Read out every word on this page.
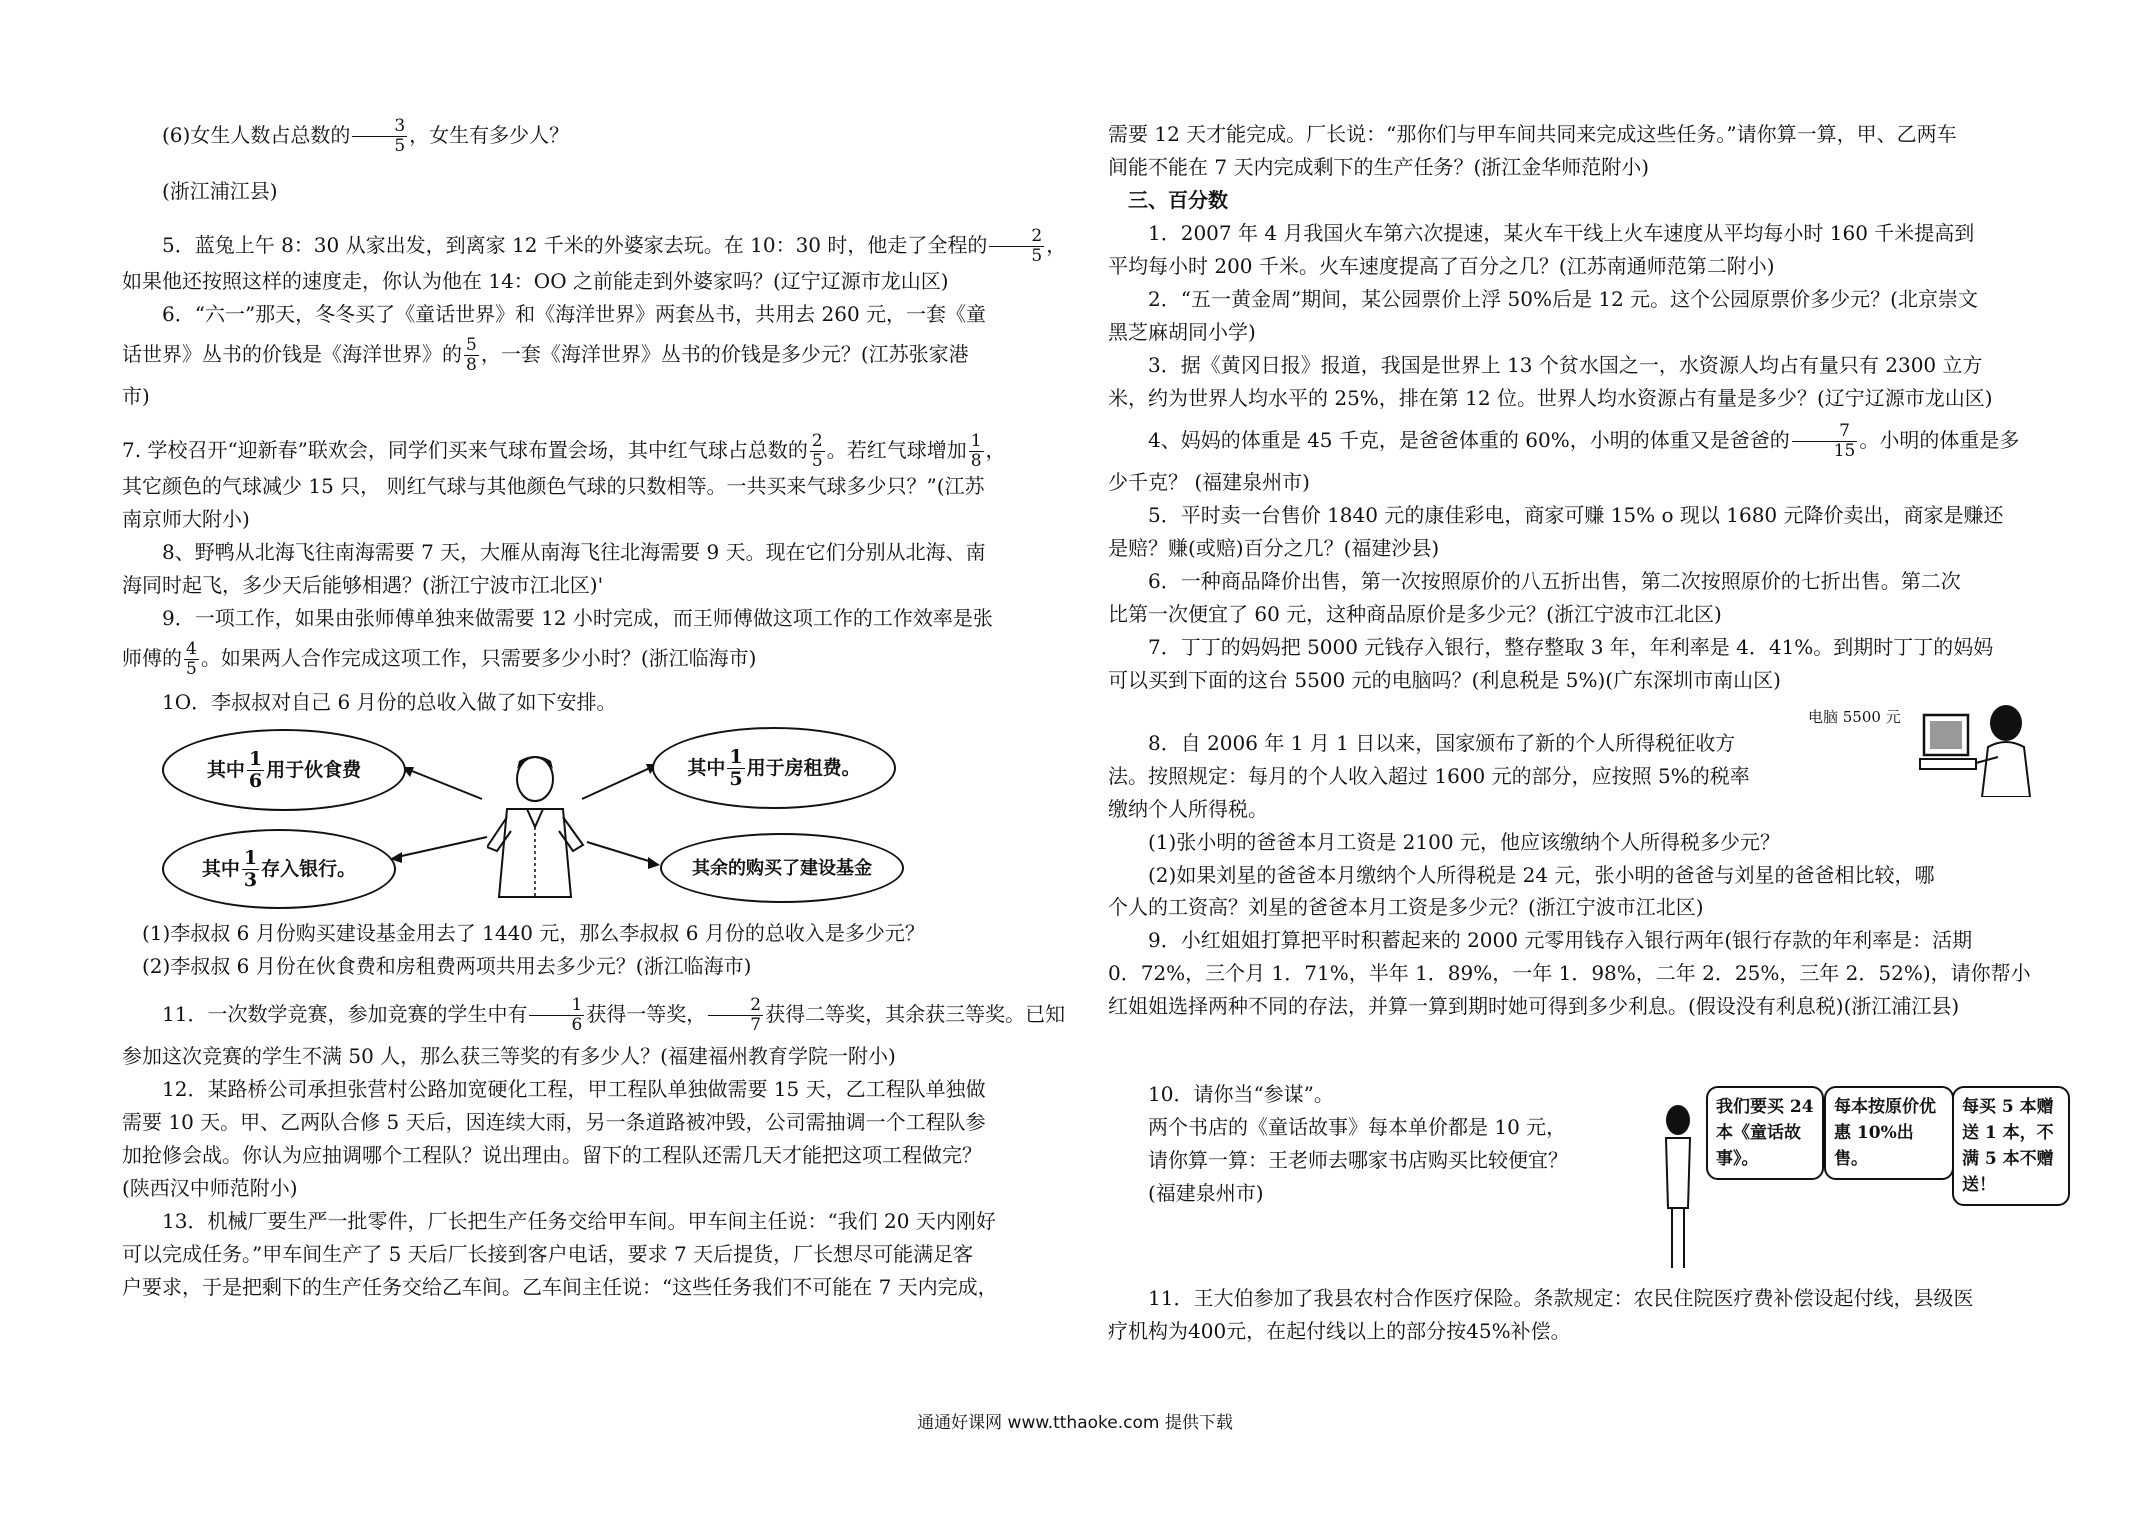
(6)女生人数占总数的 $\frac{3}{5}$ ，女生有多少人？

(浙江浦江县)

5．蓝兔上午 8：30 从家出发，到离家 12 千米的外婆家去玩。在 10：30 时，他走了全程的 $\frac{2}{5}$ ，

如果他还按照这样的速度走，你认为他在 14：OO 之前能走到外婆家吗？(辽宁辽源市龙山区)

6．“六一”那天，冬冬买了《童话世界》和《海洋世界》两套丛书，共用去 260 元，一套《童

话世界》丛书的价钱是《海洋世界》的 $\frac{5}{8}$ ，一套《海洋世界》丛书的价钱是多少元？(江苏张家港

市)

7. 学校召开“迎新春”联欢会，同学们买来气球布置会场，其中红气球占总数的 $\frac{2}{5}$ 。若红气球增加 $\frac{1}{8}$ ，

其它颜色的气球减少 15 只， 则红气球与其他颜色气球的只数相等。一共买来气球多少只？”(江苏

南京师大附小)

8、野鸭从北海飞往南海需要 7 天，大雁从南海飞往北海需要 9 天。现在它们分别从北海、南

海同时起飞，多少天后能够相遇？(浙江宁波市江北区)'

9．一项工作，如果由张师傅单独来做需要 12 小时完成，而王师傅做这项工作的工作效率是张

师傅的 $\frac{4}{5}$ 。如果两人合作完成这项工作，只需要多少小时？(浙江临海市)

1O．李叔叔对自己 6 月份的总收入做了如下安排。

其中 $\frac{1}{6}$ 用于伙食费	其中 $\frac{1}{5}$ 用于房租费。
其中 $\frac{1}{3}$ 存入银行。	其余的购买了建设基金

(1)李叔叔 6 月份购买建设基金用去了 1440 元，那么李叔叔 6 月份的总收入是多少元？

(2)李叔叔 6 月份在伙食费和房租费两项共用去多少元？(浙江临海市)

11．一次数学竞赛，参加竞赛的学生中有 $\frac{1}{6}$ 获得一等奖， $\frac{2}{7}$ 获得二等奖，其余获三等奖。已知

参加这次竞赛的学生不满 50 人，那么获三等奖的有多少人？(福建福州教育学院一附小)

12．某路桥公司承担张营村公路加宽硬化工程，甲工程队单独做需要 15 天，乙工程队单独做

需要 10 天。甲、乙两队合修 5 天后，因连续大雨，另一条道路被冲毁，公司需抽调一个工程队参

加抢修会战。你认为应抽调哪个工程队？说出理由。留下的工程队还需几天才能把这项工程做完？

(陕西汉中师范附小)

13．机械厂要生严一批零件，厂长把生产任务交给甲车间。甲车间主任说：“我们 20 天内刚好

可以完成任务。”甲车间生产了 5 天后厂长接到客户电话，要求 7 天后提货，厂长想尽可能满足客

户要求，于是把剩下的生产任务交给乙车间。乙车间主任说：“这些任务我们不可能在 7 天内完成，

需要 12 天才能完成。厂长说：“那你们与甲车间共同来完成这些任务。”请你算一算，甲、乙两车

间能不能在 7 天内完成剩下的生产任务？(浙江金华师范附小)

三、百分数

1．2007 年 4 月我国火车第六次提速，某火车干线上火车速度从平均每小时 160 千米提高到

平均每小时 200 千米。火车速度提高了百分之几？(江苏南通师范第二附小)

2．“五一黄金周”期间，某公园票价上浮 50%后是 12 元。这个公园原票价多少元？(北京崇文

黑芝麻胡同小学)

3．据《黄冈日报》报道，我国是世界上 13 个贫水国之一，水资源人均占有量只有 2300 立方

米，约为世界人均水平的 25%，排在第 12 位。世界人均水资源占有量是多少？(辽宁辽源市龙山区)

4、妈妈的体重是 45 千克，是爸爸体重的 60%，小明的体重又是爸爸的 $\frac{7}{15}$ 。小明的体重是多

少千克？ (福建泉州市)

5．平时卖一台售价 1840 元的康佳彩电，商家可赚 15% o 现以 1680 元降价卖出，商家是赚还

是赔？赚(或赔)百分之几？(福建沙县)

6．一种商品降价出售，第一次按照原价的八五折出售，第二次按照原价的七折出售。第二次

比第一次便宜了 60 元，这种商品原价是多少元？(浙江宁波市江北区)

7．丁丁的妈妈把 5000 元钱存入银行，整存整取 3 年，年利率是 4．41%。到期时丁丁的妈妈

可以买到下面的这台 5500 元的电脑吗？(利息税是 5%)(广东深圳市南山区)

电脑 5500 元

8．自 2006 年 1 月 1 日以来，国家颁布了新的个人所得税征收方

法。按照规定：每月的个人收入超过 1600 元的部分，应按照 5%的税率

缴纳个人所得税。

(1)张小明的爸爸本月工资是 2100 元，他应该缴纳个人所得税多少元？

(2)如果刘星的爸爸本月缴纳个人所得税是 24 元，张小明的爸爸与刘星的爸爸相比较，哪

个人的工资高？刘星的爸爸本月工资是多少元？(浙江宁波市江北区)

9．小红姐姐打算把平时积蓄起来的 2000 元零用钱存入银行两年(银行存款的年利率是：活期

0．72%，三个月 1．71%，半年 1．89%，一年 1．98%，二年 2．25%，三年 2．52%)，请你帮小

红姐姐选择两种不同的存法，并算一算到期时她可得到多少利息。(假设没有利息税)(浙江浦江县)

10．请你当“参谋”。

两个书店的《童话故事》每本单价都是 10 元，

请你算一算：王老师去哪家书店购买比较便宜？

(福建泉州市)

我们要买 24 本《童话故事》。
每本按原价优惠 10%出售。
每买 5 本赠送 1 本，不满 5 本不赠送！

11．王大伯参加了我县农村合作医疗保险。条款规定：农民住院医疗费补偿设起付线，县级医

疗机构为400元，在起付线以上的部分按45%补偿。

通通好课网 www.tthaoke.com 提供下载
